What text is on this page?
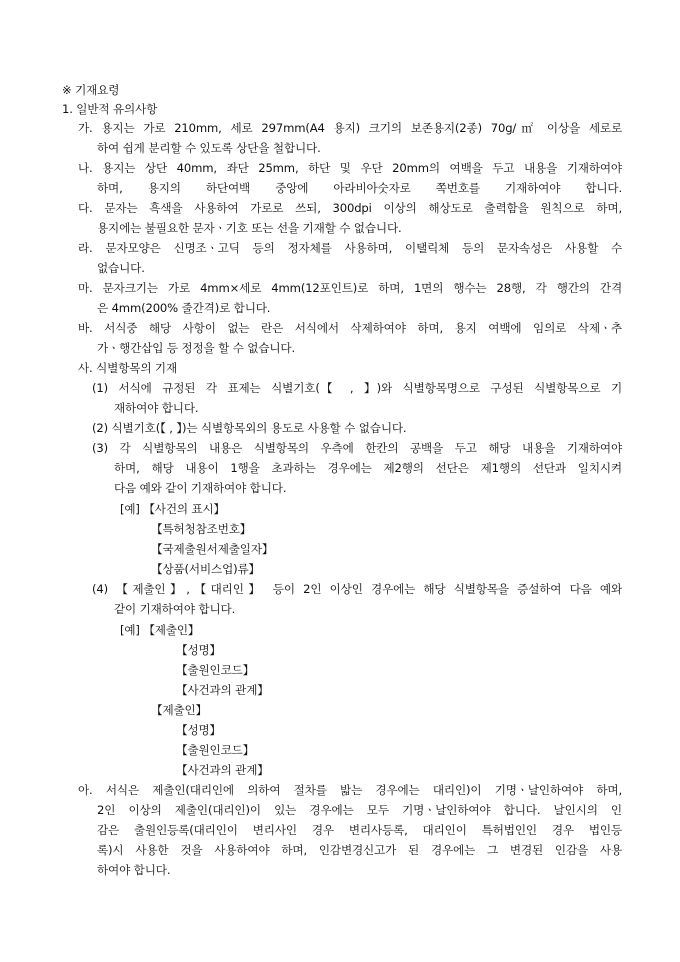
※ 기재요령
1. 일반적 유의사항
가. 용지는 가로 210mm, 세로 297mm(A4 용지) 크기의 보존용지(2종) 70g/㎡ 이상을 세로로
하여 쉽게 분리할 수 있도록 상단을 철합니다.
나. 용지는 상단 40mm, 좌단 25mm, 하단 및 우단 20mm의 여백을 두고 내용을 기재하여야
하며, 용지의 하단여백 중앙에 아라비아숫자로 쪽번호를 기재하여야 합니다.
다. 문자는 흑색을 사용하여 가로로 쓰되, 300dpi 이상의 해상도로 출력함을 원칙으로 하며,
용지에는 불필요한 문자ㆍ기호 또는 선을 기재할 수 없습니다.
라. 문자모양은 신명조ㆍ고딕 등의 정자체를 사용하며, 이탤릭체 등의 문자속성은 사용할 수
없습니다.
마. 문자크기는 가로 4mm×세로 4mm(12포인트)로 하며, 1면의 행수는 28행, 각 행간의 간격
은 4mm(200% 줄간격)로 합니다.
바. 서식중 해당 사항이 없는 란은 서식에서 삭제하여야 하며, 용지 여백에 임의로 삭제ㆍ추
가ㆍ행간삽입 등 정정을 할 수 없습니다.
사. 식별항목의 기재
(1) 서식에 규정된 각 표제는 식별기호(【 , 】)와 식별항목명으로 구성된 식별항목으로 기
재하여야 합니다.
(2) 식별기호(【 , 】)는 식별항목외의 용도로 사용할 수 없습니다.
(3) 각 식별항목의 내용은 식별항목의 우측에 한칸의 공백을 두고 해당 내용을 기재하여야
하며, 해당 내용이 1행을 초과하는 경우에는 제2행의 선단은 제1행의 선단과 일치시켜
다음 예와 같이 기재하여야 합니다.
[예] 【사건의 표시】
【특허청참조번호】
【국제출원서제출일자】
【상품(서비스업)류】
(4) 【제출인】,【대리인】 등이 2인 이상인 경우에는 해당 식별항목을 증설하여 다음 예와
같이 기재하여야 합니다.
[예] 【제출인】
【성명】
【출원인코드】
【사건과의 관계】
【제출인】
【성명】
【출원인코드】
【사건과의 관계】
아. 서식은 제출인(대리인에 의하여 절차를 밟는 경우에는 대리인)이 기명ㆍ날인하여야 하며,
2인 이상의 제출인(대리인)이 있는 경우에는 모두 기명ㆍ날인하여야 합니다. 날인시의 인
감은 출원인등록(대리인이 변리사인 경우 변리사등록, 대리인이 특허법인인 경우 법인등
록)시 사용한 것을 사용하여야 하며, 인감변경신고가 된 경우에는 그 변경된 인감을 사용
하여야 합니다.
